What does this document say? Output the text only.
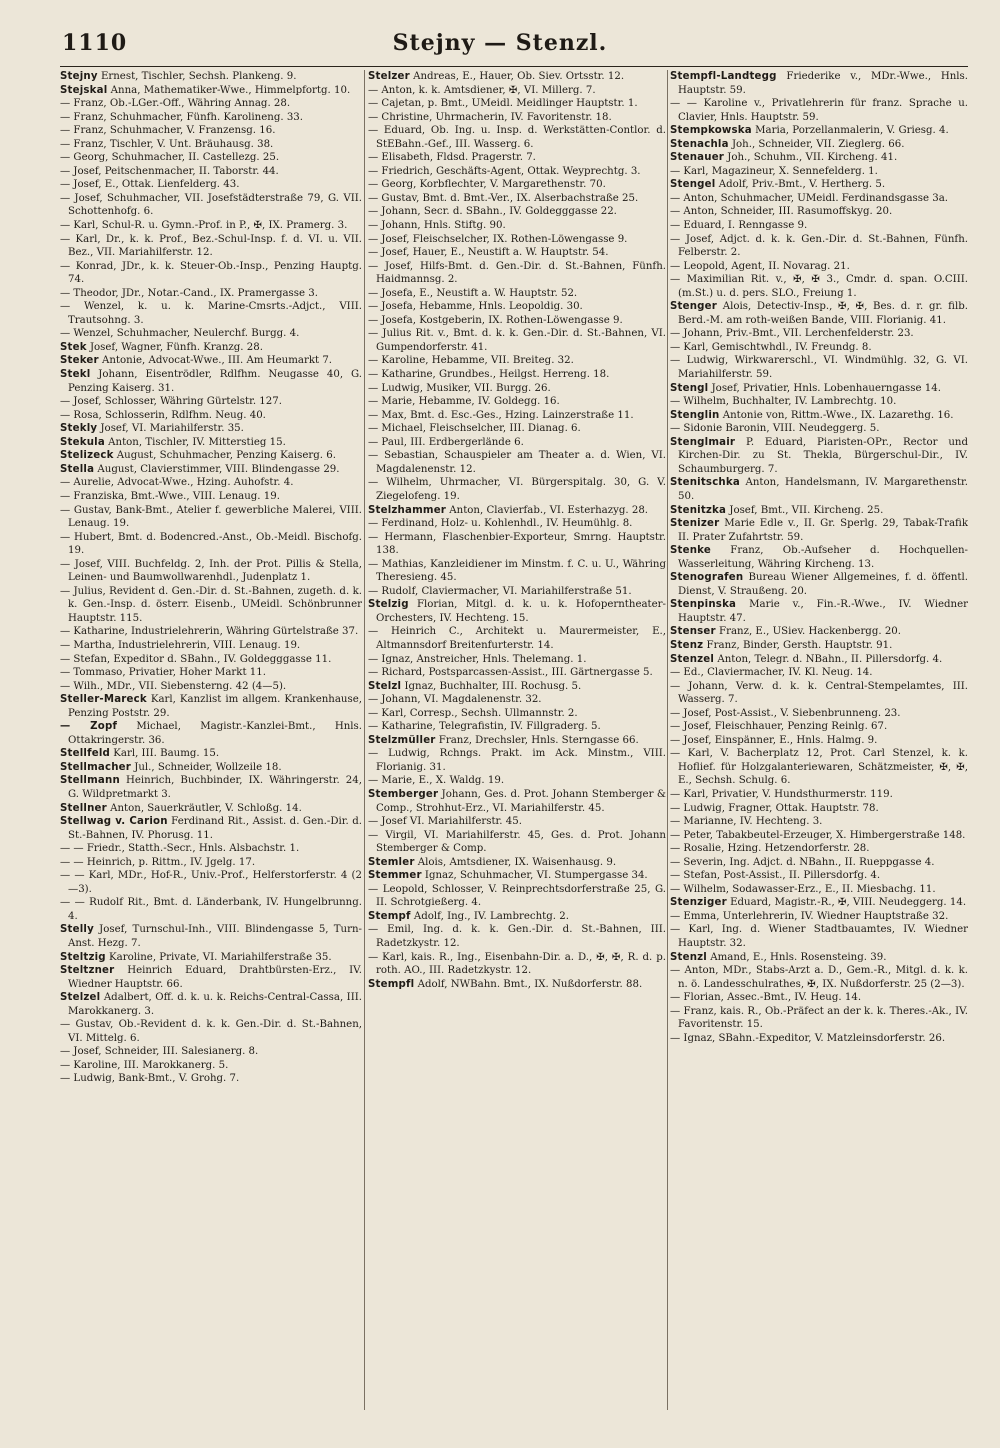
1110	Stejny — Stenzl.

Stejny Ernest, Tischler, Sechsh. Plankeng. 9.

Stejskal Anna, Mathematiker-Wwe., Himmelpfortg. 10.

— Franz, Ob.-LGer.-Off., Währing Annag. 28.

— Franz, Schuhmacher, Fünfh. Karolineng. 33.

— Franz, Schuhmacher, V. Franzensg. 16.

— Franz, Tischler, V. Unt. Bräuhausg. 38.

— Georg, Schuhmacher, II. Castellezg. 25.

— Josef, Peitschenmacher, II. Taborstr. 44.

— Josef, E., Ottak. Lienfelderg. 43.

— Josef, Schuhmacher, VII. Josefstädterstraße 79, G. VII. Schottenhofg. 6.

— Karl, Schul-R. u. Gymn.-Prof. in P., ✠, IX. Pramerg. 3.

— Karl, Dr., k. k. Prof., Bez.-Schul-Insp. f. d. VI. u. VII. Bez., VII. Mariahilferstr. 12.

— Konrad, JDr., k. k. Steuer-Ob.-Insp., Penzing Hauptg. 74.

— Theodor, JDr., Notar.-Cand., IX. Pramergasse 3.

— Wenzel, k. u. k. Marine-Cmsrts.-Adjct., VIII. Trautsohng. 3.

— Wenzel, Schuhmacher, Neulerchf. Burgg. 4.

Stek Josef, Wagner, Fünfh. Kranzg. 28.

Steker Antonie, Advocat-Wwe., III. Am Heumarkt 7.

Stekl Johann, Eisentrödler, Rdlfhm. Neugasse 40, G. Penzing Kaiserg. 31.

— Josef, Schlosser, Währing Gürtelstr. 127.

— Rosa, Schlosserin, Rdlfhm. Neug. 40.

Stekly Josef, VI. Mariahilferstr. 35.

Stekula Anton, Tischler, IV. Mitterstieg 15.

Stelizeck August, Schuhmacher, Penzing Kaiserg. 6.

Stella August, Clavierstimmer, VIII. Blindengasse 29.

— Aurelie, Advocat-Wwe., Hzing. Auhofstr. 4.

— Franziska, Bmt.-Wwe., VIII. Lenaug. 19.

— Gustav, Bank-Bmt., Atelier f. gewerbliche Malerei, VIII. Lenaug. 19.

— Hubert, Bmt. d. Bodencred.-Anst., Ob.-Meidl. Bischofg. 19.

— Josef, VIII. Buchfeldg. 2, Inh. der Prot. Pillis & Stella, Leinen- und Baumwollwarenhdl., Judenplatz 1.

— Julius, Revident d. Gen.-Dir. d. St.-Bahnen, zugeth. d. k. k. Gen.-Insp. d. österr. Eisenb., UMeidl. Schönbrunner Hauptstr. 115.

— Katharine, Industrielehrerin, Währing Gürtelstraße 37.

— Martha, Industrielehrerin, VIII. Lenaug. 19.

— Stefan, Expeditor d. SBahn., IV. Goldegggasse 11.

— Tommaso, Privatier, Hoher Markt 11.

— Wilh., MDr., VII. Siebensterng. 42 (4—5).

Steller-Mareck Karl, Kanzlist im allgem. Krankenhause, Penzing Poststr. 29.

— Zopf Michael, Magistr.-Kanzlei-Bmt., Hnls. Ottakringerstr. 36.

Stellfeld Karl, III. Baumg. 15.

Stellmacher Jul., Schneider, Wollzeile 18.

Stellmann Heinrich, Buchbinder, IX. Währingerstr. 24, G. Wildpretmarkt 3.

Stellner Anton, Sauerkräutler, V. Schloßg. 14.

Stellwag v. Carion Ferdinand Rit., Assist. d. Gen.-Dir. d. St.-Bahnen, IV. Phorusg. 11.

— — Friedr., Statth.-Secr., Hnls. Alsbachstr. 1.

— — Heinrich, p. Rittm., IV. Jgelg. 17.

— — Karl, MDr., Hof-R., Univ.-Prof., Helferstorferstr. 4 (2—3).

— — Rudolf Rit., Bmt. d. Länderbank, IV. Hungelbrunng. 4.

Stelly Josef, Turnschul-Inh., VIII. Blindengasse 5, Turn-Anst. Hezg. 7.

Steltzig Karoline, Private, VI. Mariahilferstraße 35.

Steltzner Heinrich Eduard, Drahtbürsten-Erz., IV. Wiedner Hauptstr. 66.

Stelzel Adalbert, Off. d. k. u. k. Reichs-Central-Cassa, III. Marokkanerg. 3.

— Gustav, Ob.-Revident d. k. k. Gen.-Dir. d. St.-Bahnen, VI. Mittelg. 6.

— Josef, Schneider, III. Salesianerg. 8.

— Karoline, III. Marokkanerg. 5.

— Ludwig, Bank-Bmt., V. Grohg. 7.

Stelzer Andreas, E., Hauer, Ob. Siev. Ortsstr. 12.

— Anton, k. k. Amtsdiener, ✠, VI. Millerg. 7.

— Cajetan, p. Bmt., UMeidl. Meidlinger Hauptstr. 1.

— Christine, Uhrmacherin, IV. Favoritenstr. 18.

— Eduard, Ob. Ing. u. Insp. d. Werkstätten-Contlor. d. StEBahn.-Gef., III. Wasserg. 6.

— Elisabeth, Fldsd. Pragerstr. 7.

— Friedrich, Geschäfts-Agent, Ottak. Weyprechtg. 3.

— Georg, Korbflechter, V. Margarethenstr. 70.

— Gustav, Bmt. d. Bmt.-Ver., IX. Alserbachstraße 25.

— Johann, Secr. d. SBahn., IV. Goldegggasse 22.

— Johann, Hnls. Stiftg. 90.

— Josef, Fleischselcher, IX. Rothen-Löwengasse 9.

— Josef, Hauer, E., Neustift a. W. Hauptstr. 54.

— Josef, Hilfs-Bmt. d. Gen.-Dir. d. St.-Bahnen, Fünfh. Haidmannsg. 2.

— Josefa, E., Neustift a. W. Hauptstr. 52.

— Josefa, Hebamme, Hnls. Leopoldig. 30.

— Josefa, Kostgeberin, IX. Rothen-Löwengasse 9.

— Julius Rit. v., Bmt. d. k. k. Gen.-Dir. d. St.-Bahnen, VI. Gumpendorferstr. 41.

— Karoline, Hebamme, VII. Breiteg. 32.

— Katharine, Grundbes., Heilgst. Herreng. 18.

— Ludwig, Musiker, VII. Burgg. 26.

— Marie, Hebamme, IV. Goldegg. 16.

— Max, Bmt. d. Esc.-Ges., Hzing. Lainzerstraße 11.

— Michael, Fleischselcher, III. Dianag. 6.

— Paul, III. Erdbergerlände 6.

— Sebastian, Schauspieler am Theater a. d. Wien, VI. Magdalenenstr. 12.

— Wilhelm, Uhrmacher, VI. Bürgerspitalg. 30, G. V. Ziegelofeng. 19.

Stelzhammer Anton, Clavierfab., VI. Esterhazyg. 28.

— Ferdinand, Holz- u. Kohlenhdl., IV. Heumühlg. 8.

— Hermann, Flaschenbier-Exporteur, Smrng. Hauptstr. 138.

— Mathias, Kanzleidiener im Minstm. f. C. u. U., Währing Theresieng. 45.

— Rudolf, Claviermacher, VI. Mariahilferstraße 51.

Stelzig Florian, Mitgl. d. k. u. k. Hofoperntheater-Orchesters, IV. Hechteng. 15.

— Heinrich C., Architekt u. Maurermeister, E., Altmannsdorf Breitenfurterstr. 14.

— Ignaz, Anstreicher, Hnls. Thelemang. 1.

— Richard, Postsparcassen-Assist., III. Gärtnergasse 5.

Stelzl Ignaz, Buchhalter, III. Rochusg. 5.

— Johann, VI. Magdalenenstr. 32.

— Karl, Corresp., Sechsh. Ullmannstr. 2.

— Katharine, Telegrafistin, IV. Fillgraderg. 5.

Stelzmüller Franz, Drechsler, Hnls. Sterngasse 66.

— Ludwig, Rchngs. Prakt. im Ack. Minstm., VIII. Florianig. 31.

— Marie, E., X. Waldg. 19.

Stemberger Johann, Ges. d. Prot. Johann Stemberger & Comp., Strohhut-Erz., VI. Mariahilferstr. 45.

— Josef VI. Mariahilferstr. 45.

— Virgil, VI. Mariahilferstr. 45, Ges. d. Prot. Johann Stemberger & Comp.

Stemler Alois, Amtsdiener, IX. Waisenhausg. 9.

Stemmer Ignaz, Schuhmacher, VI. Stumpergasse 34.

— Leopold, Schlosser, V. Reinprechtsdorferstraße 25, G. II. Schrotgießerg. 4.

Stempf Adolf, Ing., IV. Lambrechtg. 2.

— Emil, Ing. d. k. k. Gen.-Dir. d. St.-Bahnen, III. Radetzkystr. 12.

— Karl, kais. R., Ing., Eisenbahn-Dir. a. D., ✠, ✠, R. d. p. roth. AO., III. Radetzkystr. 12.

Stempfl Adolf, NWBahn. Bmt., IX. Nußdorferstr. 88.

Stempfl-Landtegg Friederike v., MDr.-Wwe., Hnls. Hauptstr. 59.

— — Karoline v., Privatlehrerin für franz. Sprache u. Clavier, Hnls. Hauptstr. 59.

Stempkowska Maria, Porzellanmalerin, V. Griesg. 4.

Stenachla Joh., Schneider, VII. Zieglerg. 66.

Stenauer Joh., Schuhm., VII. Kircheng. 41.

— Karl, Magazineur, X. Sennefelderg. 1.

Stengel Adolf, Priv.-Bmt., V. Hertherg. 5.

— Anton, Schuhmacher, UMeidl. Ferdinandsgasse 3a.

— Anton, Schneider, III. Rasumoffskyg. 20.

— Eduard, I. Renngasse 9.

— Josef, Adjct. d. k. k. Gen.-Dir. d. St.-Bahnen, Fünfh. Felberstr. 2.

— Leopold, Agent, II. Novarag. 21.

— Maximilian Rit. v., ✠, ✠ 3., Cmdr. d. span. O.CIII.(m.St.) u. d. pers. SLO., Freiung 1.

Stenger Alois, Detectiv-Insp., ✠, ✠, Bes. d. r. gr. filb. Berd.-M. am roth-weißen Bande, VIII. Florianig. 41.

— Johann, Priv.-Bmt., VII. Lerchenfelderstr. 23.

— Karl, Gemischtwhdl., IV. Freundg. 8.

— Ludwig, Wirkwarerschl., VI. Windmühlg. 32, G. VI. Mariahilferstr. 59.

Stengl Josef, Privatier, Hnls. Lobenhauerngasse 14.

— Wilhelm, Buchhalter, IV. Lambrechtg. 10.

Stenglin Antonie von, Rittm.-Wwe., IX. Lazarethg. 16.

— Sidonie Baronin, VIII. Neudeggerg. 5.

Stenglmair P. Eduard, Piaristen-OPr., Rector und Kirchen-Dir. zu St. Thekla, Bürgerschul-Dir., IV. Schaumburgerg. 7.

Stenitschka Anton, Handelsmann, IV. Margarethenstr. 50.

Stenitzka Josef, Bmt., VII. Kircheng. 25.

Stenizer Marie Edle v., II. Gr. Sperlg. 29, Tabak-Trafik II. Prater Zufahrtstr. 59.

Stenke Franz, Ob.-Aufseher d. Hochquellen-Wasserleitung, Währing Kircheng. 13.

Stenografen Bureau Wiener Allgemeines, f. d. öffentl. Dienst, V. Straußeng. 20.

Stenpinska Marie v., Fin.-R.-Wwe., IV. Wiedner Hauptstr. 47.

Stenser Franz, E., USiev. Hackenbergg. 20.

Stenz Franz, Binder, Gersth. Hauptstr. 91.

Stenzel Anton, Telegr. d. NBahn., II. Pillersdorfg. 4.

— Ed., Claviermacher, IV. Kl. Neug. 14.

— Johann, Verw. d. k. k. Central-Stempelamtes, III. Wasserg. 7.

— Josef, Post-Assist., V. Siebenbrunneng. 23.

— Josef, Fleischhauer, Penzing Reinlg. 67.

— Josef, Einspänner, E., Hnls. Halmg. 9.

— Karl, V. Bacherplatz 12, Prot. Carl Stenzel, k. k. Hoflief. für Holzgalanteriewaren, Schätzmeister, ✠, ✠, E., Sechsh. Schulg. 6.

— Karl, Privatier, V. Hundsthurmerstr. 119.

— Ludwig, Fragner, Ottak. Hauptstr. 78.

— Marianne, IV. Hechteng. 3.

— Peter, Tabakbeutel-Erzeuger, X. Himbergerstraße 148.

— Rosalie, Hzing. Hetzendorferstr. 28.

— Severin, Ing. Adjct. d. NBahn., II. Rueppgasse 4.

— Stefan, Post-Assist., II. Pillersdorfg. 4.

— Wilhelm, Sodawasser-Erz., E., II. Miesbachg. 11.

Stenziger Eduard, Magistr.-R., ✠, VIII. Neudeggerg. 14.

— Emma, Unterlehrerin, IV. Wiedner Hauptstraße 32.

— Karl, Ing. d. Wiener Stadtbauamtes, IV. Wiedner Hauptstr. 32.

Stenzl Amand, E., Hnls. Rosensteing. 39.

— Anton, MDr., Stabs-Arzt a. D., Gem.-R., Mitgl. d. k. k. n. ö. Landesschulrathes, ✠, IX. Nußdorferstr. 25 (2—3).

— Florian, Assec.-Bmt., IV. Heug. 14.

— Franz, kais. R., Ob.-Präfect an der k. k. Theres.-Ak., IV. Favoritenstr. 15.

— Ignaz, SBahn.-Expeditor, V. Matzleinsdorferstr. 26.
